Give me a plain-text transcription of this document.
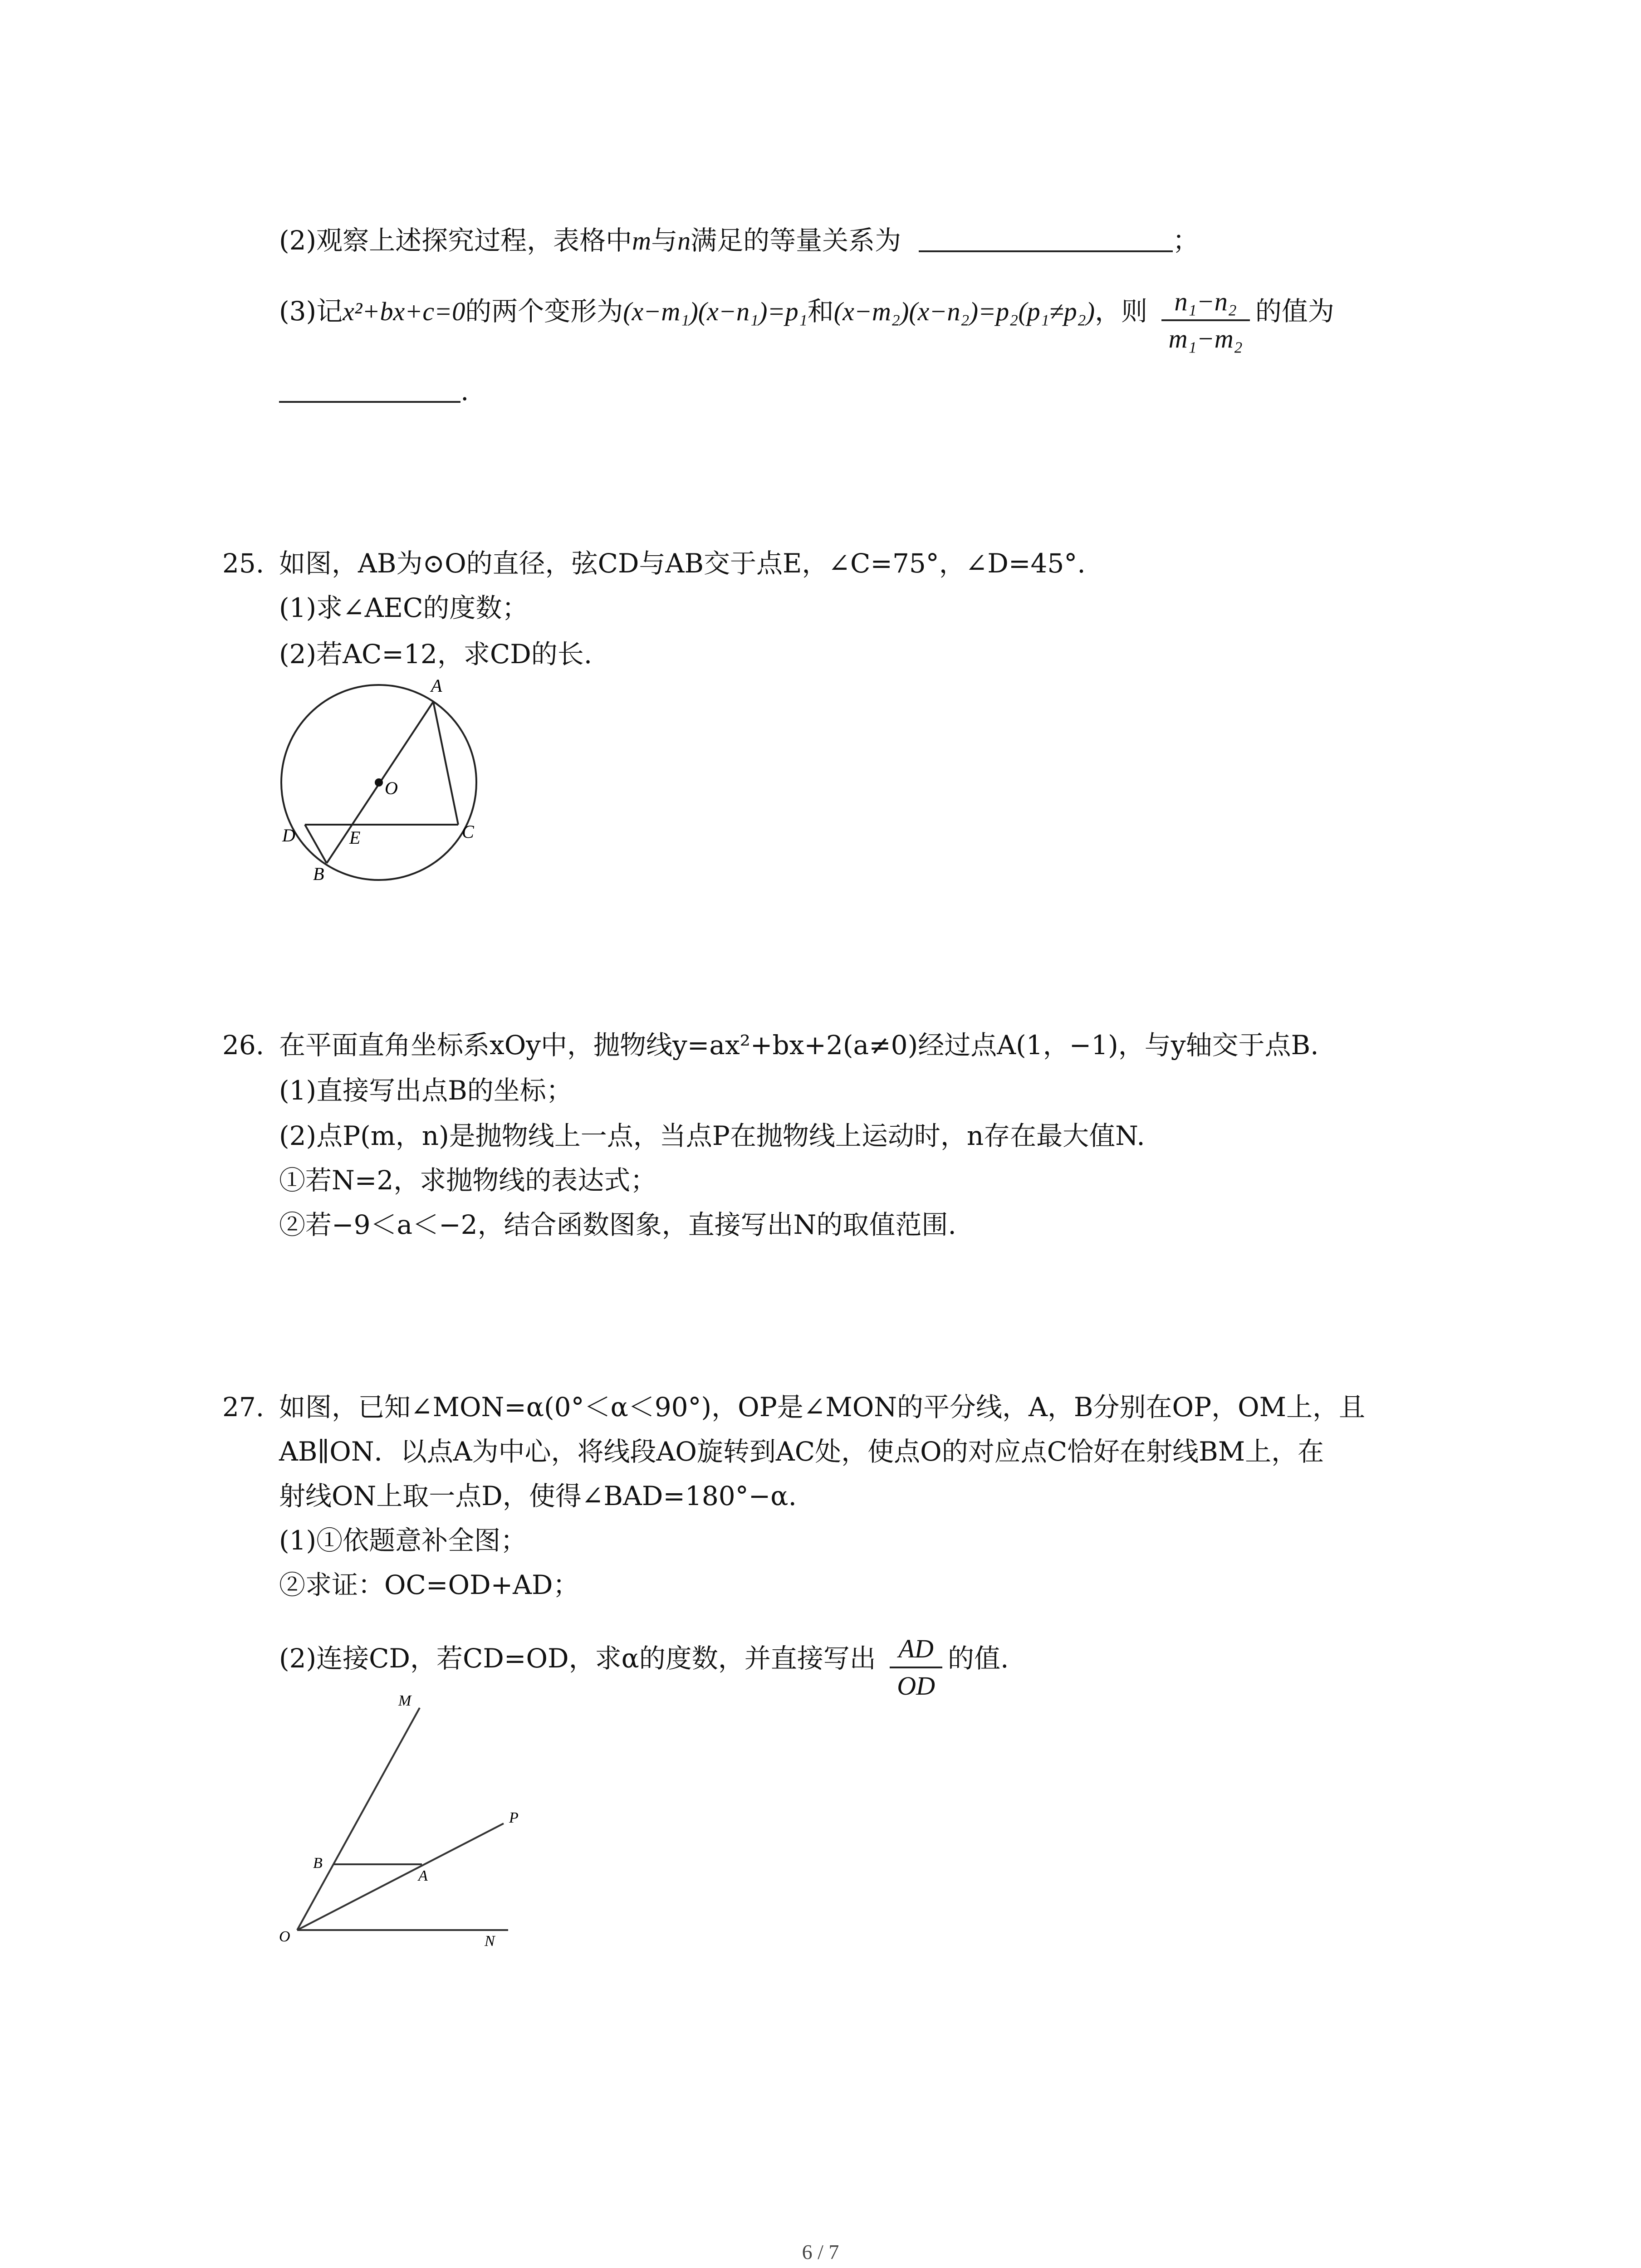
(2)观察上述探究过程，表格中m与n满足的等量关系为	；
(3)记x²+bx+c=0的两个变形为(x−m₁)(x−n₁)=p₁和(x−m₂)(x−n₂)=p₂(p₁≠p₂)，则 $\frac{\text{n₁−n₂}}{\text{m₁−m₂}}$ 的值为
.
25. 如图，AB为⊙O的直径，弦CD与AB交于点E，∠C=75°，∠D=45°.
(1)求∠AEC的度数；
(2)若AC=12，求CD的长.
A
O
C
D	E
B
26. 在平面直角坐标系xOy中，抛物线y=ax²+bx+2(a≠0)经过点A(1，−1)，与y轴交于点B.
(1)直接写出点B的坐标；
(2)点P(m，n)是抛物线上一点，当点P在抛物线上运动时，n存在最大值N.
①若N=2，求抛物线的表达式；
②若−9＜a＜−2，结合函数图象，直接写出N的取值范围.
27. 如图，已知∠MON=α(0°＜α＜90°)，OP是∠MON的平分线，A，B分别在OP，OM上，且
AB∥ON．以点A为中心，将线段AO旋转到AC处，使点O的对应点C恰好在射线BM上，在
射线ON上取一点D，使得∠BAD=180°−α.
(1)①依题意补全图；
②求证：OC=OD+AD；
(2)连接CD，若CD=OD，求α的度数，并直接写出 $\frac{AD}{OD}$ 的值.
M
P
B
A
O	N
6 / 7
